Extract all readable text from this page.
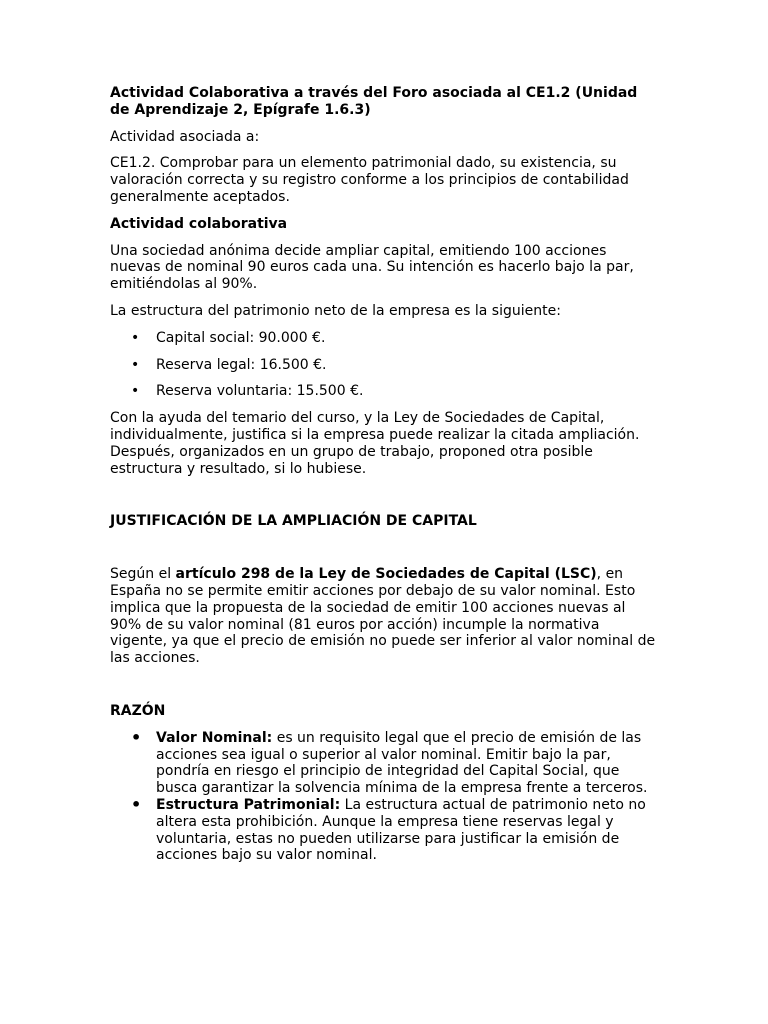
Actividad Colaborativa a través del Foro asociada al CE1.2 (Unidad de Aprendizaje 2, Epígrafe 1.6.3)

Actividad asociada a:

CE1.2. Comprobar para un elemento patrimonial dado, su existencia, su valoración correcta y su registro conforme a los principios de contabilidad generalmente aceptados.

Actividad colaborativa

Una sociedad anónima decide ampliar capital, emitiendo 100 acciones nuevas de nominal 90 euros cada una. Su intención es hacerlo bajo la par, emitiéndolas al 90%.

La estructura del patrimonio neto de la empresa es la siguiente:

• Capital social: 90.000 €.
• Reserva legal: 16.500 €.
• Reserva voluntaria: 15.500 €.

Con la ayuda del temario del curso, y la Ley de Sociedades de Capital, individualmente, justifica si la empresa puede realizar la citada ampliación. Después, organizados en un grupo de trabajo, proponed otra posible estructura y resultado, si lo hubiese.

JUSTIFICACIÓN DE LA AMPLIACIÓN DE CAPITAL

Según el artículo 298 de la Ley de Sociedades de Capital (LSC), en España no se permite emitir acciones por debajo de su valor nominal. Esto implica que la propuesta de la sociedad de emitir 100 acciones nuevas al 90% de su valor nominal (81 euros por acción) incumple la normativa vigente, ya que el precio de emisión no puede ser inferior al valor nominal de las acciones.

RAZÓN

• Valor Nominal: es un requisito legal que el precio de emisión de las acciones sea igual o superior al valor nominal. Emitir bajo la par, pondría en riesgo el principio de integridad del Capital Social, que busca garantizar la solvencia mínima de la empresa frente a terceros.
• Estructura Patrimonial: La estructura actual de patrimonio neto no altera esta prohibición. Aunque la empresa tiene reservas legal y voluntaria, estas no pueden utilizarse para justificar la emisión de acciones bajo su valor nominal.
